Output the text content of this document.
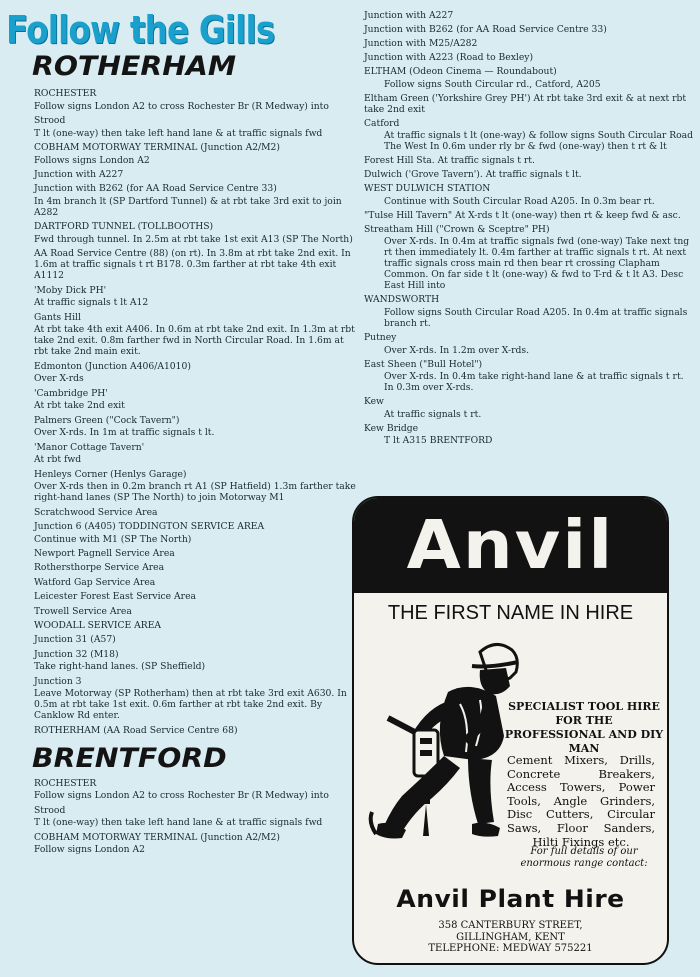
Follow the Gills
ROTHERHAM
ROCHESTER
Follow signs London A2 to cross Rochester Br (R Medway) into
Strood
T lt (one-way) then take left hand lane & at traffic signals fwd
COBHAM MOTORWAY TERMINAL (Junction A2/M2)
Follows signs London A2
Junction with A227
Junction with B262 (for AA Road Service Centre 33)
In 4m branch lt (SP Dartford Tunnel) & at rbt take 3rd exit to join A282
DARTFORD TUNNEL (TOLLBOOTHS)
Fwd through tunnel. In 2.5m at rbt take 1st exit A13 (SP The North)
AA Road Service Centre (88) (on rt). In 3.8m at rbt take 2nd exit. In 1.6m at traffic signals t rt B178. 0.3m farther at rbt take 4th exit A1112
'Moby Dick PH'
At traffic signals t lt A12
Gants Hill
At rbt take 4th exit A406. In 0.6m at rbt take 2nd exit. In 1.3m at rbt take 2nd exit. 0.8m farther fwd in North Circular Road. In 1.6m at rbt take 2nd main exit.
Edmonton (Junction A406/A1010)
Over X-rds
'Cambridge PH'
At rbt take 2nd exit
Palmers Green ("Cock Tavern")
Over X-rds. In 1m at traffic signals t lt.
'Manor Cottage Tavern'
At rbt fwd
Henleys Corner (Henlys Garage)
Over X-rds then in 0.2m branch rt A1 (SP Hatfield) 1.3m farther take right-hand lanes (SP The North) to join Motorway M1
Scratchwood Service Area
Junction 6 (A405) TODDINGTON SERVICE AREA
Continue with M1 (SP The North)
Newport Pagnell Service Area
Rothersthorpe Service Area
Watford Gap Service Area
Leicester Forest East Service Area
Trowell Service Area
WOODALL SERVICE AREA
Junction 31 (A57)
Junction 32 (M18)
Take right-hand lanes. (SP Sheffield)
Junction 3
Leave Motorway (SP Rotherham) then at rbt take 3rd exit A630. In 0.5m at rbt take 1st exit. 0.6m farther at rbt take 2nd exit. By Canklow Rd enter.
ROTHERHAM (AA Road Service Centre 68)
BRENTFORD
ROCHESTER
Follow signs London A2 to cross Rochester Br (R Medway) into
Strood
T lt (one-way) then take left hand lane & at traffic signals fwd
COBHAM MOTORWAY TERMINAL (Junction A2/M2)
Follow signs London A2
Junction with A227
Junction with B262 (for AA Road Service Centre 33)
Junction with M25/A282
Junction with A223 (Road to Bexley)
ELTHAM (Odeon Cinema — Roundabout)
Follow signs South Circular rd., Catford, A205
Eltham Green ('Yorkshire Grey PH') At rbt take 3rd exit & at next rbt take 2nd exit
Catford
At traffic signals t lt (one-way) & follow signs South Circular Road The West In 0.6m under rly br & fwd (one-way) then t rt & lt
Forest Hill Sta. At traffic signals t rt.
Dulwich ('Grove Tavern'). At traffic signals t lt.
WEST DULWICH STATION
Continue with South Circular Road A205. In 0.3m bear rt.
"Tulse Hill Tavern" At X-rds t lt (one-way) then rt & keep fwd & asc.
Streatham Hill ("Crown & Sceptre" PH)
Over X-rds. In 0.4m at traffic signals fwd (one-way) Take next tng rt then immediately lt. 0.4m farther at traffic signals t rt. At next traffic signals cross main rd then bear rt crossing Clapham Common. On far side t lt (one-way) & fwd to T-rd & t lt A3. Desc East Hill into
WANDSWORTH
Follow signs South Circular Road A205. In 0.4m at traffic signals branch rt.
Putney
Over X-rds. In 1.2m over X-rds.
East Sheen ("Bull Hotel")
Over X-rds. In 0.4m take right-hand lane & at traffic signals t rt. In 0.3m over X-rds.
Kew
At traffic signals t rt.
Kew Bridge
T lt A315 BRENTFORD
Anvil
THE FIRST NAME IN HIRE
SPECIALIST TOOL HIRE FOR THE PROFESSIONAL AND DIY MAN
Cement Mixers, Drills, Concrete Breakers, Access Towers, Power Tools, Angle Grinders, Disc Cutters, Circular Saws, Floor Sanders, Hilti Fixings etc.
For full details of our enormous range contact:
Anvil Plant Hire
358 CANTERBURY STREET,
GILLINGHAM, KENT
TELEPHONE: MEDWAY 575221
